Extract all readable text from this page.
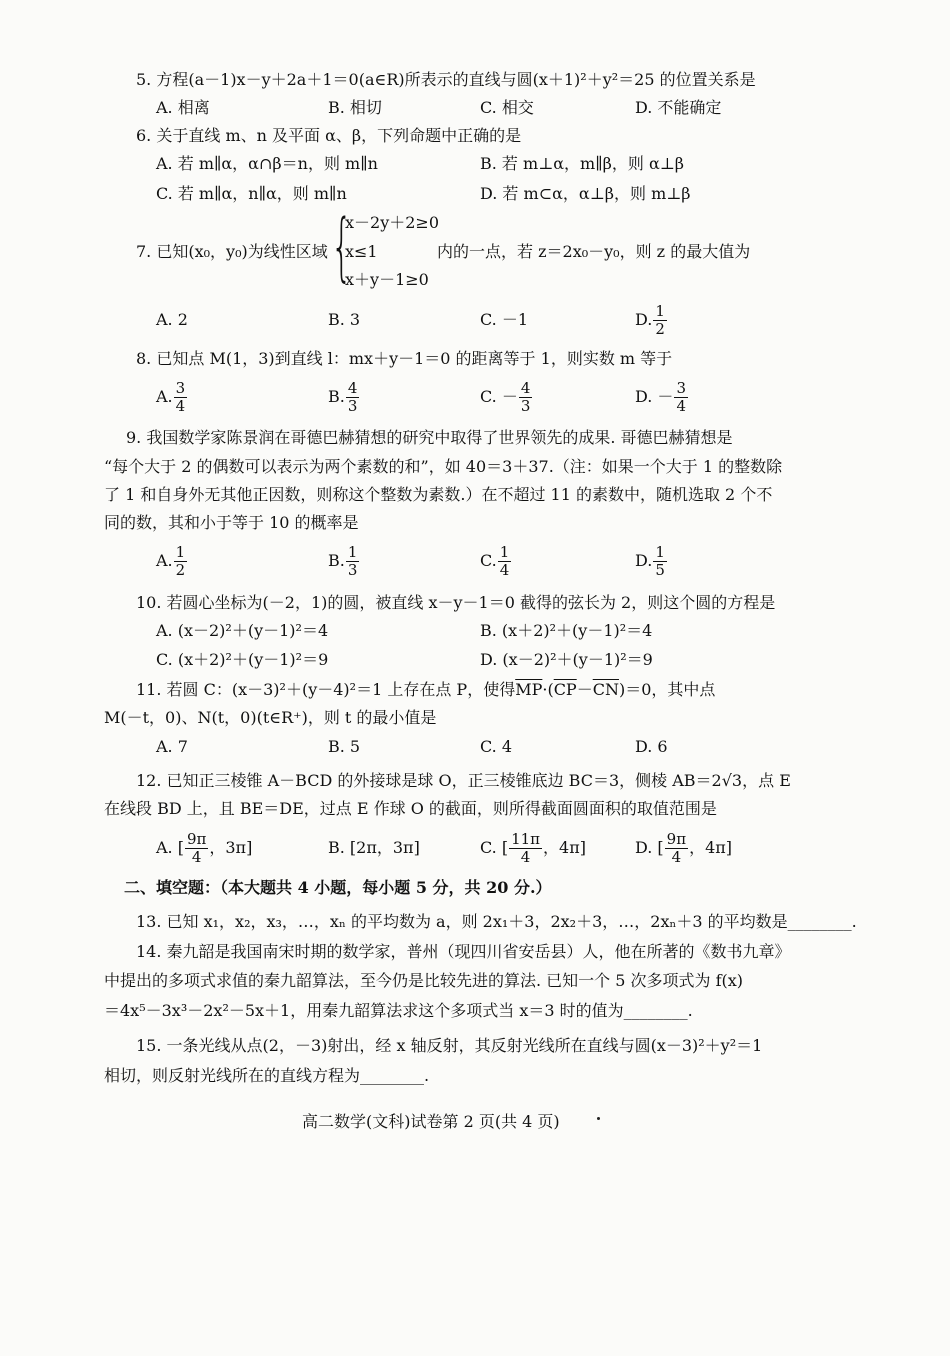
5. 方程(a－1)x－y＋2a＋1＝0(a∈R)所表示的直线与圆(x＋1)²＋y²＝25 的位置关系是
A. 相离	B. 相切	C. 相交	D. 不能确定
6. 关于直线 m、n 及平面 α、β，下列命题中正确的是
A. 若 m∥α，α∩β＝n，则 m∥n	B. 若 m⊥α，m∥β，则 α⊥β
C. 若 m∥α，n∥α，则 m∥n	D. 若 m⊂α，α⊥β，则 m⊥β
{
x－2y＋2≥0
7. 已知(x₀，y₀)为线性区域 x≤1	内的一点，若 z＝2x₀－y₀，则 z 的最大值为
x＋y－1≥0
A. 2	B. 3	C. －1	D. $\frac{1}{2}$
8. 已知点 M(1，3)到直线 l：mx＋y－1＝0 的距离等于 1，则实数 m 等于
A. $\frac{3}{4}$	B. $\frac{4}{3}$	C. － $\frac{4}{3}$	D. － $\frac{3}{4}$
9. 我国数学家陈景润在哥德巴赫猜想的研究中取得了世界领先的成果. 哥德巴赫猜想是
“每个大于 2 的偶数可以表示为两个素数的和”，如 40＝3＋37.（注：如果一个大于 1 的整数除
了 1 和自身外无其他正因数，则称这个整数为素数.）在不超过 11 的素数中，随机选取 2 个不
同的数，其和小于等于 10 的概率是
A. $\frac{1}{2}$	B. $\frac{1}{3}$	C. $\frac{1}{4}$	D. $\frac{1}{5}$
10. 若圆心坐标为(－2，1)的圆，被直线 x－y－1＝0 截得的弦长为 2，则这个圆的方程是
A. (x－2)²＋(y－1)²＝4	B. (x＋2)²＋(y－1)²＝4
C. (x＋2)²＋(y－1)²＝9	D. (x－2)²＋(y－1)²＝9
11. 若圆 C：(x－3)²＋(y－4)²＝1 上存在点 P，使得$\overline{MP}\cdot(\overline{CP}-\overline{CN})=0$，其中点
M(－t，0)、N(t，0)(t∈R⁺)，则 t 的最小值是
A. 7	B. 5	C. 4	D. 6
12. 已知正三棱锥 A－BCD 的外接球是球 O，正三棱锥底边 BC＝3，侧棱 AB＝2√3，点 E
在线段 BD 上，且 BE＝DE，过点 E 作球 O 的截面，则所得截面圆面积的取值范围是
A. [ $\frac{9\pi}{4}$ ，3π]	B. [2π，3π]	C. [ $\frac{11\pi}{4}$ ，4π]	D. [ $\frac{9\pi}{4}$ ，4π]
二、填空题：（本大题共 4 小题，每小题 5 分，共 20 分.）
13. 已知 x₁，x₂，x₃，…，xₙ 的平均数为 a，则 2x₁＋3，2x₂＋3，…，2xₙ＋3 的平均数是________.
14. 秦九韶是我国南宋时期的数学家，普州（现四川省安岳县）人，他在所著的《数书九章》
中提出的多项式求值的秦九韶算法，至今仍是比较先进的算法. 已知一个 5 次多项式为 f(x)
＝4x⁵－3x³－2x²－5x＋1，用秦九韶算法求这个多项式当 x＝3 时的值为________.
15. 一条光线从点(2，－3)射出，经 x 轴反射，其反射光线所在直线与圆(x－3)²＋y²＝1
相切，则反射光线所在的直线方程为________.
高二数学(文科)试卷第 2 页(共 4 页)
